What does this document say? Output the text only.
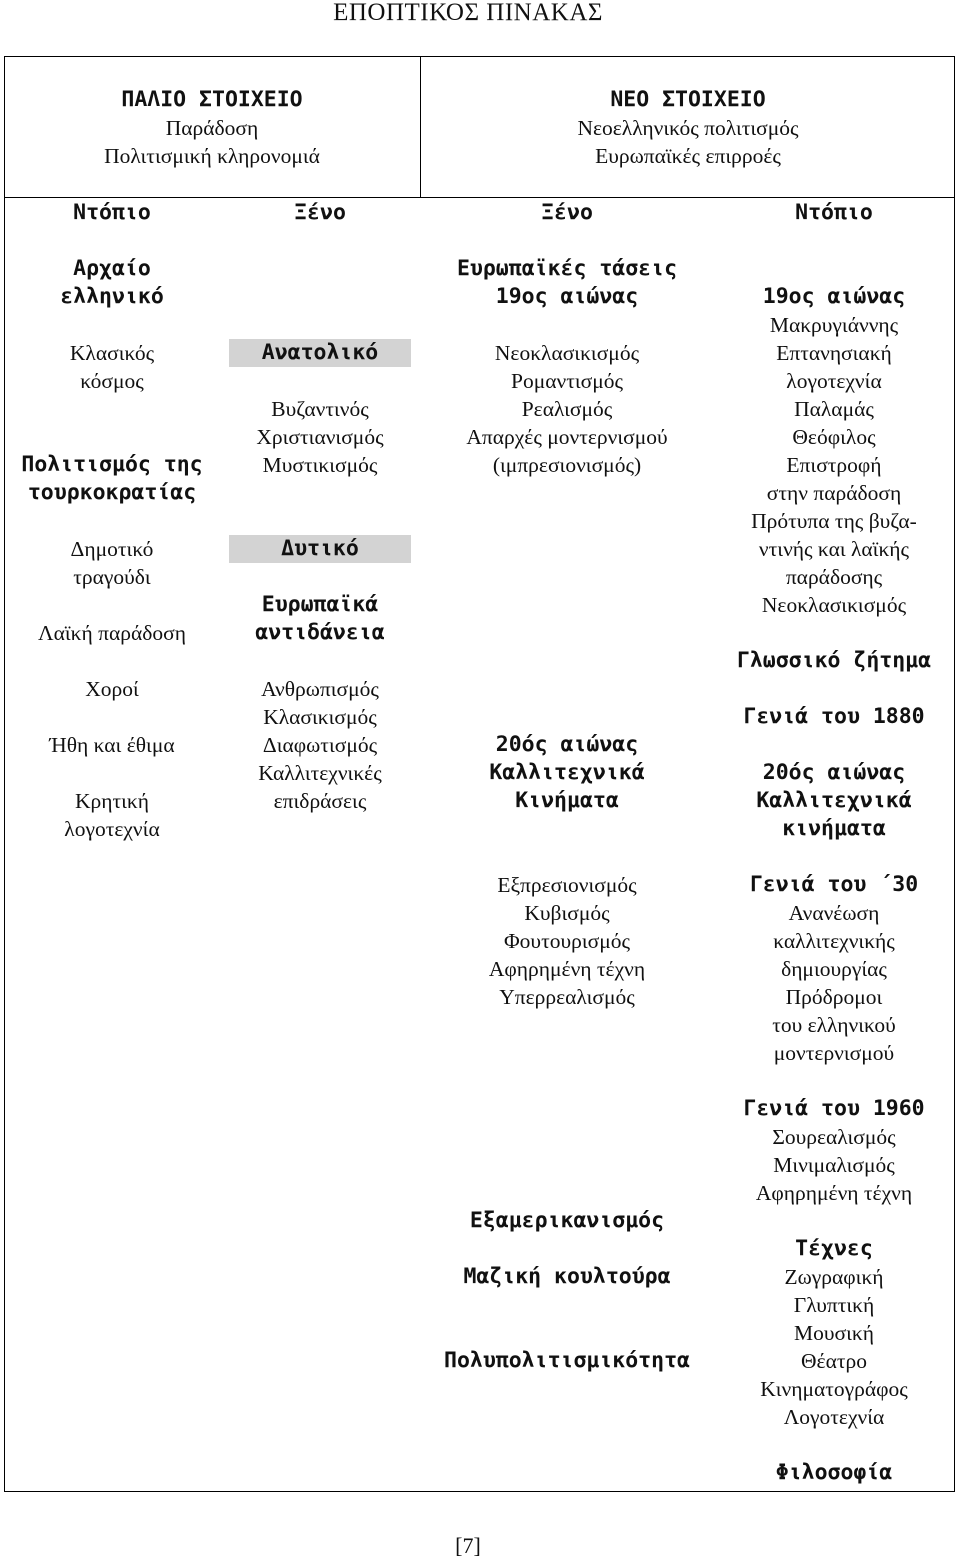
ΕΠΟΠΤΙΚΟΣ ΠΙΝΑΚΑΣ
ΠΑΛΙΟ ΣΤΟΙΧΕΙΟ
Παράδοση
Πολιτισμική κληρονομιά
ΝΕΟ ΣΤΟΙΧΕΙΟ
Νεοελληνικός πολιτισμός
Ευρωπαϊκές επιρροές
Ντόπιο
Αρχαίο
ελληνικό
Κλασικός
κόσμος
Πολιτισμός της
τουρκοκρατίας
Δημοτικό
τραγούδι
Λαϊκή παράδοση
Χοροί
Ήθη και έθιμα
Κρητική
λογοτεχνία
Ξένο
Ανατολικό
Βυζαντινός
Χριστιανισμός
Μυστικισμός
Δυτικό
Ευρωπαϊκά
αντιδάνεια
Ανθρωπισμός
Κλασικισμός
Διαφωτισμός
Καλλιτεχνικές
επιδράσεις
Ξένο
Ευρωπαϊκές τάσεις
19ος αιώνας
Νεοκλασικισμός
Ρομαντισμός
Ρεαλισμός
Απαρχές μοντερνισμού
(ιμπρεσιονισμός)
20ός αιώνας
Καλλιτεχνικά
Κινήματα
Εξπρεσιονισμός
Κυβισμός
Φουτουρισμός
Αφηρημένη τέχνη
Υπερρεαλισμός
Εξαμερικανισμός
Μαζική κουλτούρα
Πολυπολιτισμικότητα
Ντόπιο
19ος αιώνας
Μακρυγιάννης
Επτανησιακή
λογοτεχνία
Παλαμάς
Θεόφιλος
Επιστροφή
στην παράδοση
Πρότυπα της βυζα-
ντινής και λαϊκής
παράδοσης
Νεοκλασικισμός
Γλωσσικό ζήτημα
Γενιά του 1880
20ός αιώνας
Καλλιτεχνικά
κινήματα
Γενιά του ΄30
Ανανέωση
καλλιτεχνικής
δημιουργίας
Πρόδρομοι
του ελληνικού
μοντερνισμού
Γενιά του 1960
Σουρεαλισμός
Μινιμαλισμός
Αφηρημένη τέχνη
Τέχνες
Ζωγραφική
Γλυπτική
Μουσική
Θέατρο
Κινηματογράφος
Λογοτεχνία
Φιλοσοφία
[7]
